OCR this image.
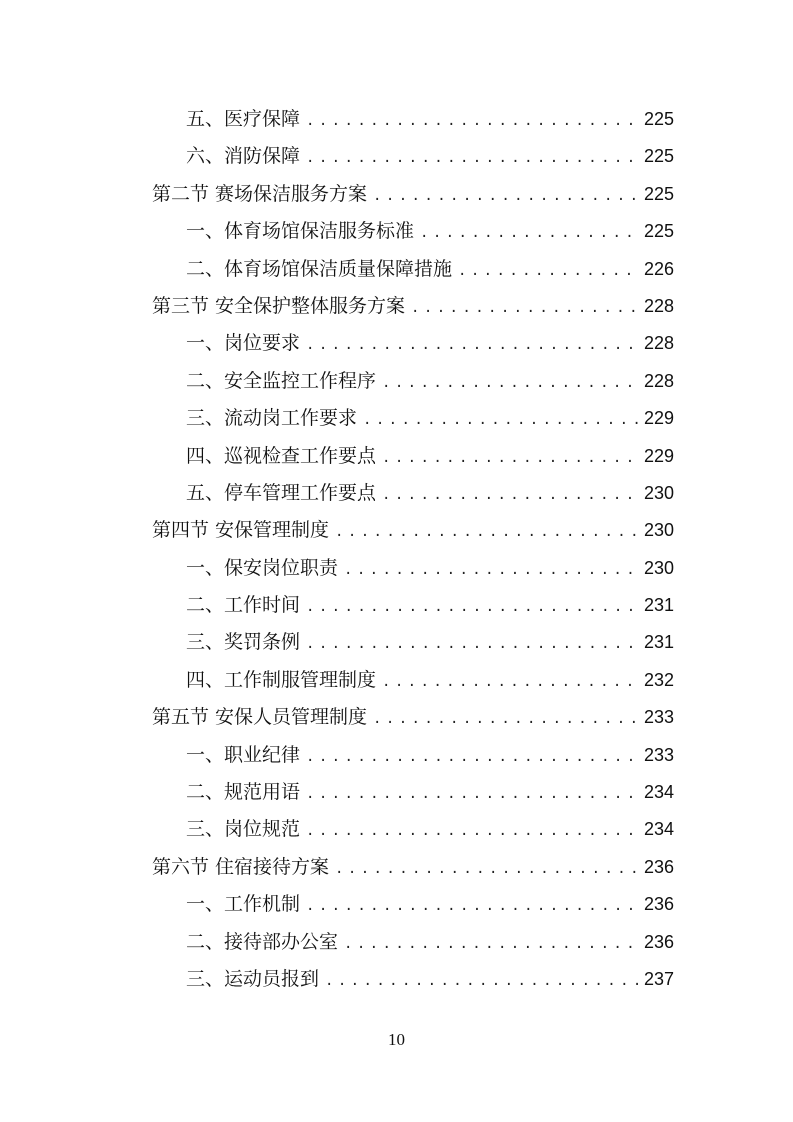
五、医疗保障 .....	225
六、消防保障 .....	225
第二节 赛场保洁服务方案 .....	225
一、体育场馆保洁服务标准 .....	225
二、体育场馆保洁质量保障措施 .....	226
第三节 安全保护整体服务方案 .....	228
一、岗位要求 .....	228
二、安全监控工作程序 .....	228
三、流动岗工作要求 .....	229
四、巡视检查工作要点 .....	229
五、停车管理工作要点 .....	230
第四节 安保管理制度 .....	230
一、保安岗位职责 .....	230
二、工作时间 .....	231
三、奖罚条例 .....	231
四、工作制服管理制度 .....	232
第五节 安保人员管理制度 .....	233
一、职业纪律 .....	233
二、规范用语 .....	234
三、岗位规范 .....	234
第六节 住宿接待方案 .....	236
一、工作机制 .....	236
二、接待部办公室 .....	236
三、运动员报到 .....	237
10
